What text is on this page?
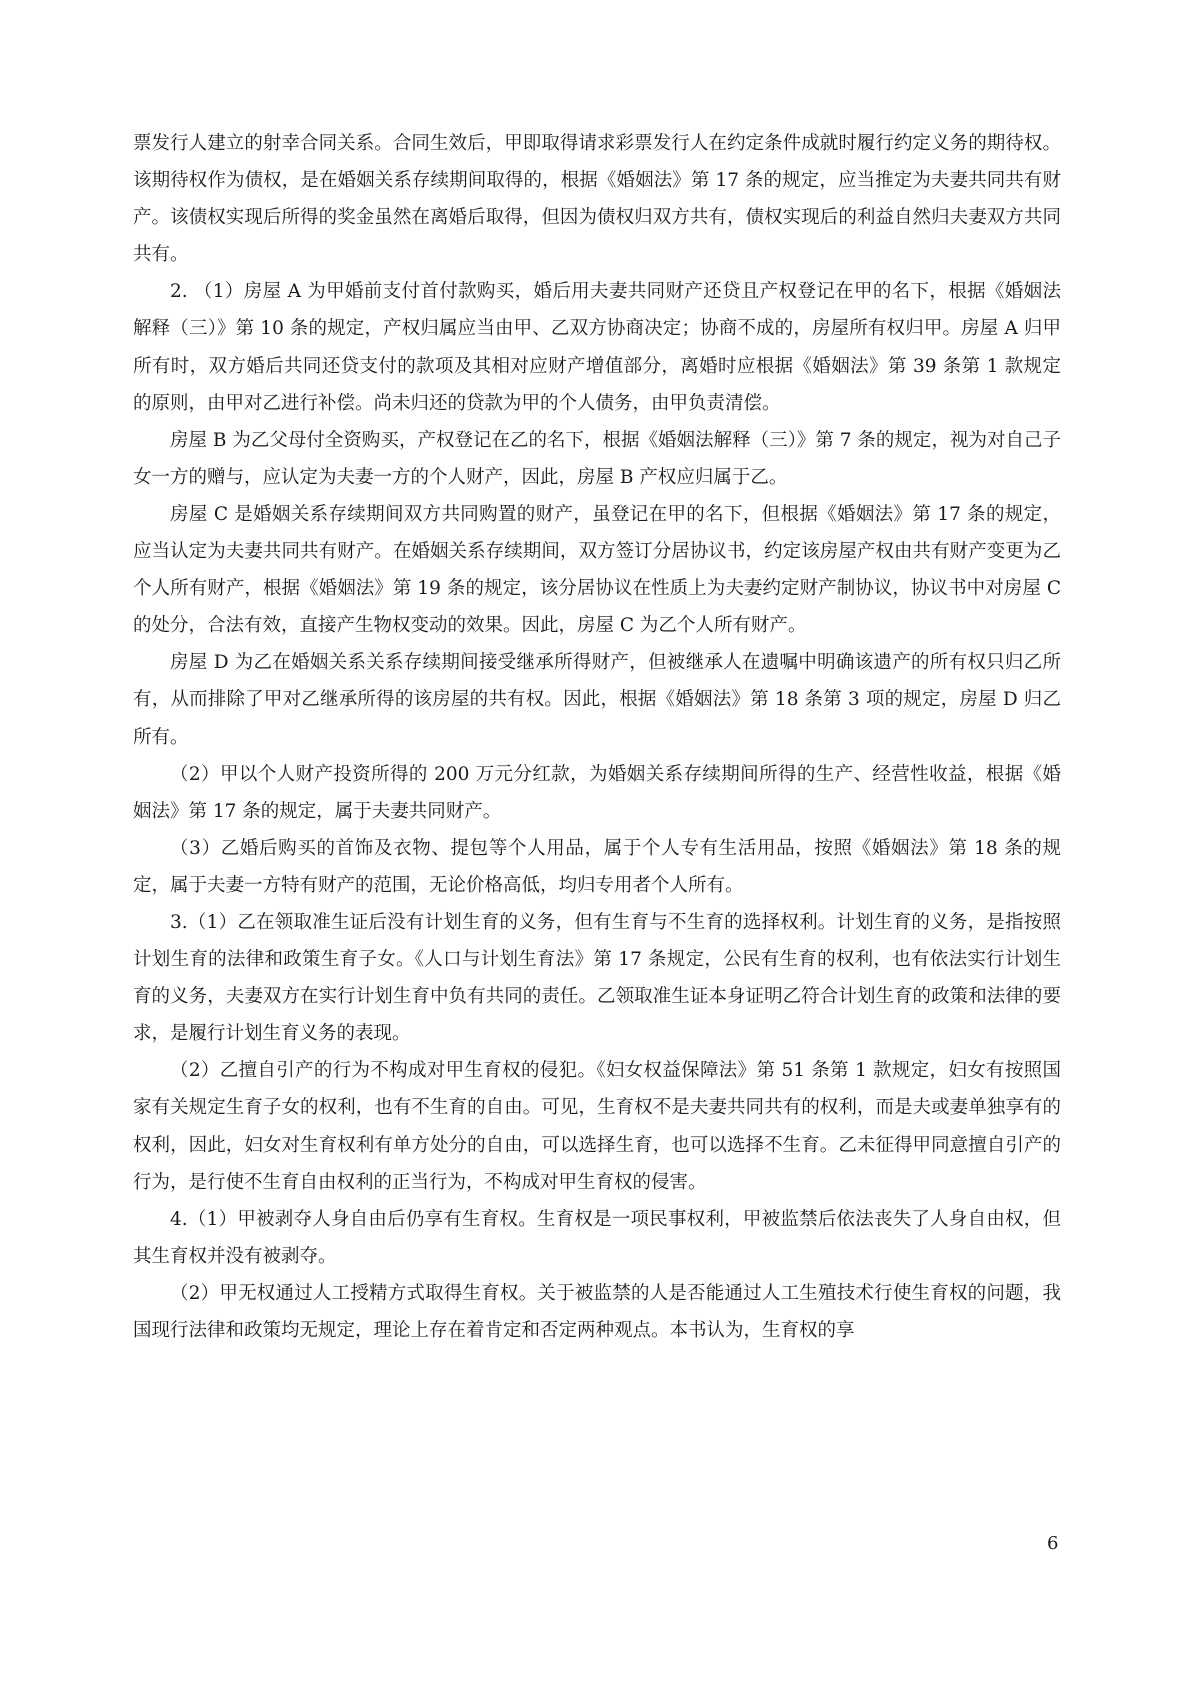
票发行人建立的射幸合同关系。合同生效后，甲即取得请求彩票发行人在约定条件成就时履行约定义务的期待权。该期待权作为债权，是在婚姻关系存续期间取得的，根据《婚姻法》第 17 条的规定，应当推定为夫妻共同共有财产。该债权实现后所得的奖金虽然在离婚后取得，但因为债权归双方共有，债权实现后的利益自然归夫妻双方共同共有。

2. （1）房屋 A 为甲婚前支付首付款购买，婚后用夫妻共同财产还贷且产权登记在甲的名下，根据《婚姻法解释（三）》第 10 条的规定，产权归属应当由甲、乙双方协商决定；协商不成的，房屋所有权归甲。房屋 A 归甲所有时，双方婚后共同还贷支付的款项及其相对应财产增值部分，离婚时应根据《婚姻法》第 39 条第 1 款规定的原则，由甲对乙进行补偿。尚未归还的贷款为甲的个人债务，由甲负责清偿。

房屋 B 为乙父母付全资购买，产权登记在乙的名下，根据《婚姻法解释（三）》第 7 条的规定，视为对自己子女一方的赠与，应认定为夫妻一方的个人财产，因此，房屋 B 产权应归属于乙。

房屋 C 是婚姻关系存续期间双方共同购置的财产，虽登记在甲的名下，但根据《婚姻法》第 17 条的规定，应当认定为夫妻共同共有财产。在婚姻关系存续期间，双方签订分居协议书，约定该房屋产权由共有财产变更为乙个人所有财产，根据《婚姻法》第 19 条的规定，该分居协议在性质上为夫妻约定财产制协议，协议书中对房屋 C 的处分，合法有效，直接产生物权变动的效果。因此，房屋 C 为乙个人所有财产。

房屋 D 为乙在婚姻关系关系存续期间接受继承所得财产，但被继承人在遗嘱中明确该遗产的所有权只归乙所有，从而排除了甲对乙继承所得的该房屋的共有权。因此，根据《婚姻法》第 18 条第 3 项的规定，房屋 D 归乙所有。

（2）甲以个人财产投资所得的 200 万元分红款，为婚姻关系存续期间所得的生产、经营性收益，根据《婚姻法》第 17 条的规定，属于夫妻共同财产。

（3）乙婚后购买的首饰及衣物、提包等个人用品，属于个人专有生活用品，按照《婚姻法》第 18 条的规定，属于夫妻一方特有财产的范围，无论价格高低，均归专用者个人所有。

3.（1）乙在领取准生证后没有计划生育的义务，但有生育与不生育的选择权利。计划生育的义务，是指按照计划生育的法律和政策生育子女。《人口与计划生育法》第 17 条规定，公民有生育的权利，也有依法实行计划生育的义务，夫妻双方在实行计划生育中负有共同的责任。乙领取准生证本身证明乙符合计划生育的政策和法律的要求，是履行计划生育义务的表现。

（2）乙擅自引产的行为不构成对甲生育权的侵犯。《妇女权益保障法》第 51 条第 1 款规定，妇女有按照国家有关规定生育子女的权利，也有不生育的自由。可见，生育权不是夫妻共同共有的权利，而是夫或妻单独享有的权利，因此，妇女对生育权利有单方处分的自由，可以选择生育，也可以选择不生育。乙未征得甲同意擅自引产的行为，是行使不生育自由权利的正当行为，不构成对甲生育权的侵害。

4.（1）甲被剥夺人身自由后仍享有生育权。生育权是一项民事权利，甲被监禁后依法丧失了人身自由权，但其生育权并没有被剥夺。

（2）甲无权通过人工授精方式取得生育权。关于被监禁的人是否能通过人工生殖技术行使生育权的问题，我国现行法律和政策均无规定，理论上存在着肯定和否定两种观点。本书认为，生育权的享

6
